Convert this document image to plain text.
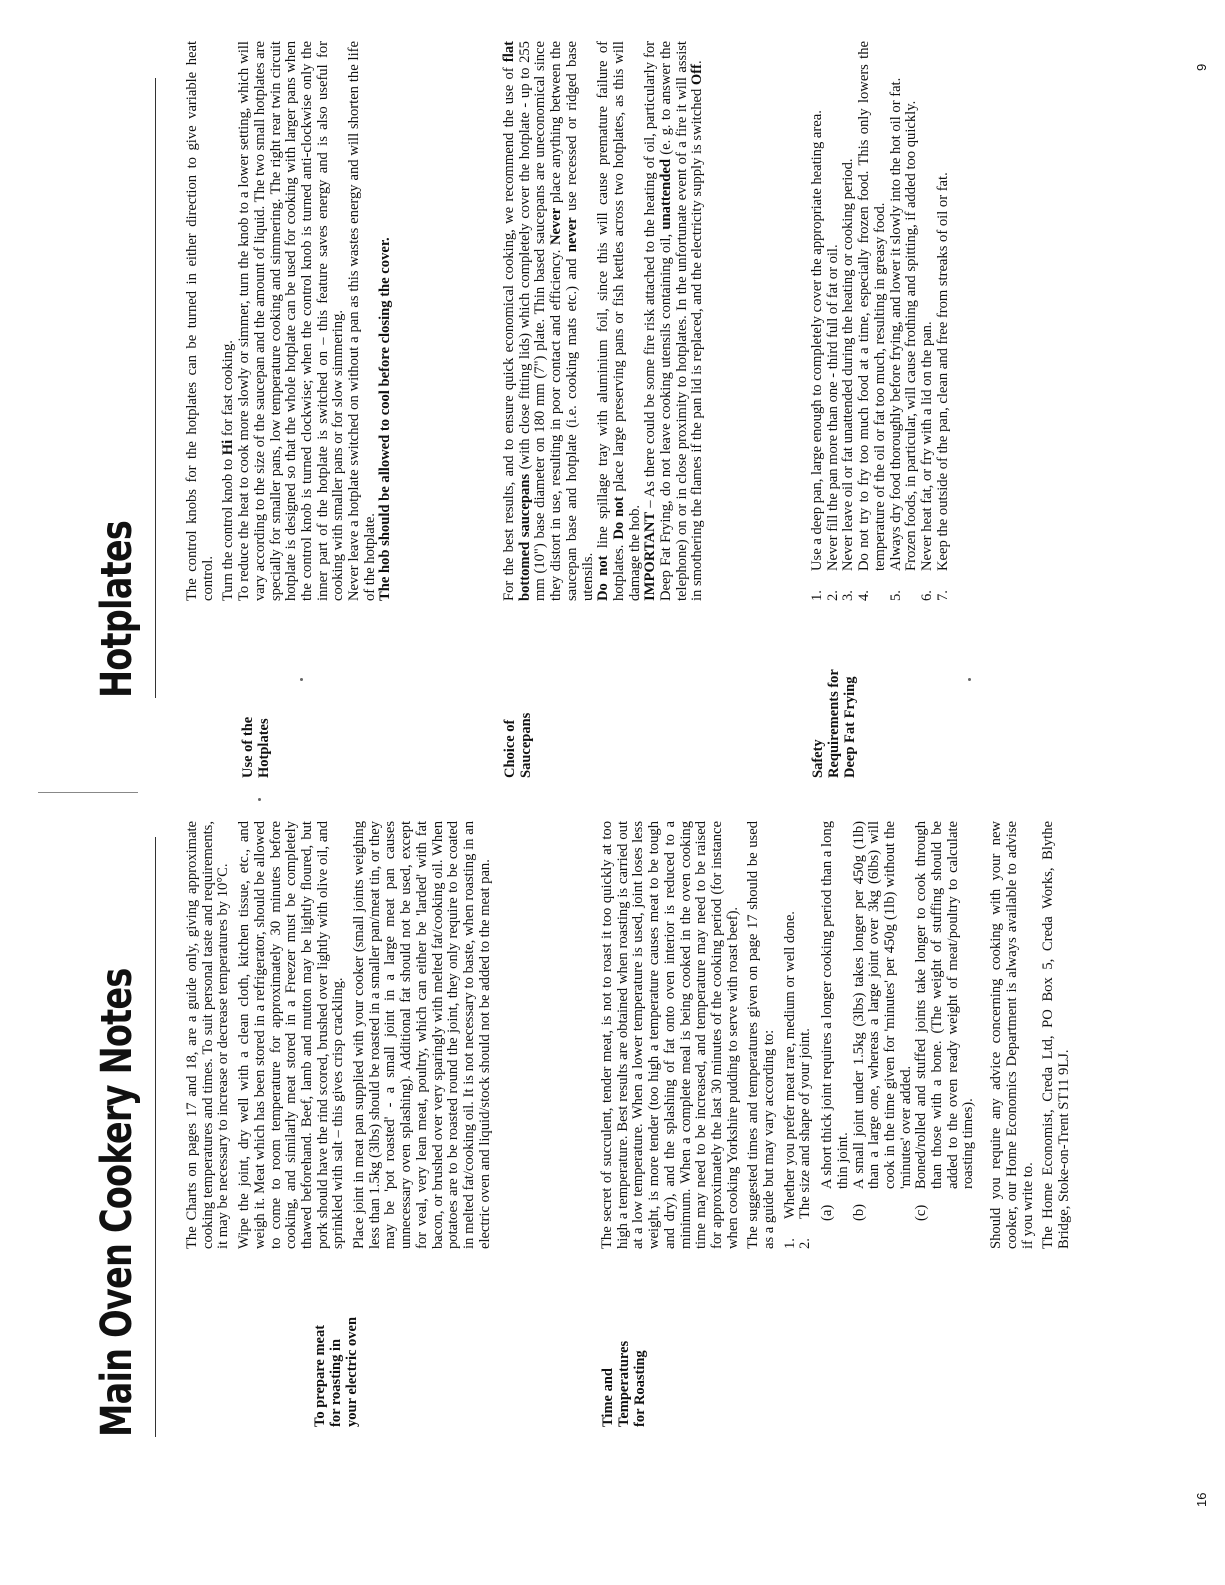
Main Oven Cookery Notes	To prepare meat
for roasting in
your electric oven

The Charts on pages 17 and 18, are a guide only, giving approximate cooking temperatures and times. To suit personal taste and requirements, it may be necessary to increase or decrease temperatures by 10°C. Wipe the joint, dry well with a clean cloth, kitchen tissue, etc., and weigh it. Meat which has been stored in a refrigerator, should be allowed to come to room temperature for approximately 30 minutes before cooking, and similarly meat stored in a Freezer must be completely thawed beforehand. Beef, lamb and mutton may be lightly floured, but pork should have the rind scored, brushed over lightly with olive oil, and sprinkled with salt – this gives crisp crackling. Place joint in meat pan supplied with your cooker (small joints weighing less than 1.5kg (3lbs) should be roasted in a smaller pan/meat tin, or they may be 'pot roasted' - a small joint in a large meat pan causes unnecessary oven splashing). Additional fat should not be used, except for veal, very lean meat, poultry, which can either be 'larded' with fat bacon, or brushed over very sparingly with melted fat/cooking oil. When potatoes are to be roasted round the joint, they only require to be coated in melted fat/cooking oil. It is not necessary to baste, when roasting in an electric oven and liquid/stock should not be added to the meat pan.

Time and
Temperatures
for Roasting

The secret of succulent, tender meat, is not to roast it too quickly at too high a temperature. Best results are obtained when roasting is carried out at a low temperature. When a lower temperature is used, joint loses less weight, is more tender (too high a temperature causes meat to be tough and dry), and the splashing of fat onto oven interior is reduced to a minimum. When a complete meal is being cooked in the oven cooking time may need to be increased, and temperature may need to be raised for approximately the last 30 minutes of the cooking period (for instance when cooking Yorkshire pudding to serve with roast beef). The suggested times and temperatures given on page 17 should be used as a guide but may vary according to: 1.
Whether you prefer meat rare, medium or well done.
2.
The size and shape of your joint. (a)
A short thick joint requires a longer cooking period than a long thin joint.
(b)
A small joint under 1.5kg (3lbs) takes longer per 450g (1lb) than a large one, whereas a large joint over 3kg (6lbs) will cook in the time given for 'minutes' per 450g (1lb) without the 'minutes' over added.
(c)
Boned/rolled and stuffed joints take longer to cook through than those with a bone. (The weight of stuffing should be added to the oven ready weight of meat/poultry to calculate roasting times). Should you require any advice concerning cooking with your new cooker, our Home Economics Department is always available to advise if you write to. The Home Economist, Creda Ltd, PO Box 5, Creda Works, Blythe Bridge, Stoke-on-Trent ST11 9LJ.

16
Hotplates
Use of the
Hotplates

The control knobs for the hotplates can be turned in either direction to give variable heat control. Turn the control knob to Hi for fast cooking. To reduce the heat to cook more slowly or simmer, turn the knob to a lower setting, which will vary according to the size of the saucepan and the amount of liquid. The two small hotplates are specially for smaller pans, low temperature cooking and simmering. The right rear twin circuit hotplate is designed so that the whole hotplate can be used for cooking with larger pans when the control knob is turned clockwise; when the control knob is turned anti-clockwise only the inner part of the hotplate is switched on – this feature saves energy and is also useful for cooking with smaller pans or for slow simmering. Never leave a hotplate switched on without a pan as this wastes energy and will shorten the life of the hotplate. The hob should be allowed to cool before closing the cover.

Choice of
Saucepans

For the best results, and to ensure quick economical cooking, we recommend the use of flat bottomed saucepans (with close fitting lids) which completely cover the hotplate - up to 255 mm (10") base diameter on 180 mm (7") plate. Thin based saucepans are uneconomical since they distort in use, resulting in poor contact and efficiency. Never place anything between the saucepan base and hotplate (i.e. cooking mats etc.) and never use recessed or ridged base utensils. Do not line spillage tray with aluminium foil, since this will cause premature failure of hotplates. Do not place large preserving pans or fish kettles across two hotplates, as this will damage the hob. IMPORTANT – As there could be some fire risk attached to the heating of oil, particularly for Deep Fat Frying, do not leave cooking utensils containing oil, unattended (e. g. to answer the telephone) on or in close proximity to hotplates. In the unfortunate event of a fire it will assist in smothering the flames if the pan lid is replaced, and the electricity supply is switched Off.

Safety
Requirements for
Deep Fat Frying
1.
Use a deep pan, large enough to completely cover the appropriate heating area.
2.
Never fill the pan more than one - third full of fat or oil.
3.
Never leave oil or fat unattended during the heating or cooking period.
4.
Do not try to fry too much food at a time, especially frozen food. This only lowers the temperature of the oil or fat too much, resulting in greasy food.
5.
Always dry food thoroughly before frying, and lower it slowly into the hot oil or fat.
Frozen foods, in particular, will cause frothing and spitting, if added too quickly.
6.
Never heat fat, or fry with a lid on the pan.
7.
Keep the outside of the pan, clean and free from streaks of oil or fat.
9
